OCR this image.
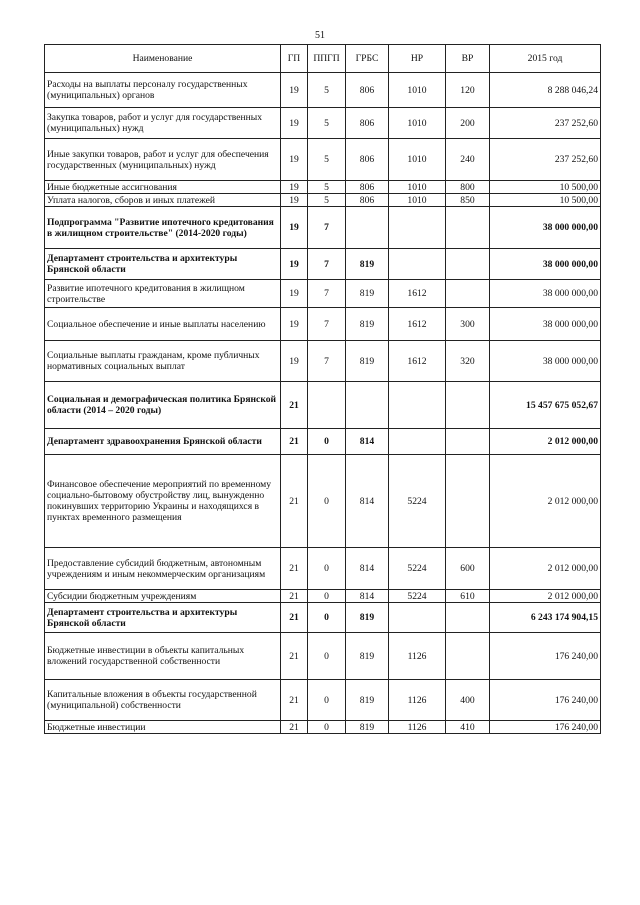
51
Наименование	ГП	ППГП	ГРБС	НР	ВР	2015 год
Расходы на выплаты персоналу государственных (муниципальных) органов	19	5	806	1010	120	8 288 046,24
Закупка товаров, работ и услуг для государственных (муниципальных) нужд	19	5	806	1010	200	237 252,60
Иные закупки товаров, работ и услуг для обеспечения государственных (муниципальных) нужд	19	5	806	1010	240	237 252,60
Иные бюджетные ассигнования	19	5	806	1010	800	10 500,00
Уплата налогов, сборов и иных платежей	19	5	806	1010	850	10 500,00
Подпрограмма "Развитие ипотечного кредитования в жилищном строительстве" (2014-2020 годы)	19	7				38 000 000,00
Департамент строительства и архитектуры Брянской области	19	7	819			38 000 000,00
Развитие ипотечного кредитования в жилищном строительстве	19	7	819	1612		38 000 000,00
Социальное обеспечение и иные выплаты населению	19	7	819	1612	300	38 000 000,00
Социальные выплаты гражданам, кроме публичных нормативных социальных выплат	19	7	819	1612	320	38 000 000,00
Социальная и демографическая политика Брянской области (2014 – 2020 годы)	21					15 457 675 052,67
Департамент здравоохранения Брянской области	21	0	814			2 012 000,00
Финансовое обеспечение мероприятий по временному социально-бытовому обустройству лиц, вынужденно покинувших территорию Украины и находящихся в пунктах временного размещения	21	0	814	5224		2 012 000,00
Предоставление субсидий бюджетным, автономным учреждениям и иным некоммерческим организациям	21	0	814	5224	600	2 012 000,00
Субсидии бюджетным учреждениям	21	0	814	5224	610	2 012 000,00
Департамент строительства и архитектуры Брянской области	21	0	819			6 243 174 904,15
Бюджетные инвестиции в объекты капитальных вложений государственной собственности	21	0	819	1126		176 240,00
Капитальные вложения в объекты государственной (муниципальной) собственности	21	0	819	1126	400	176 240,00
Бюджетные инвестиции	21	0	819	1126	410	176 240,00
